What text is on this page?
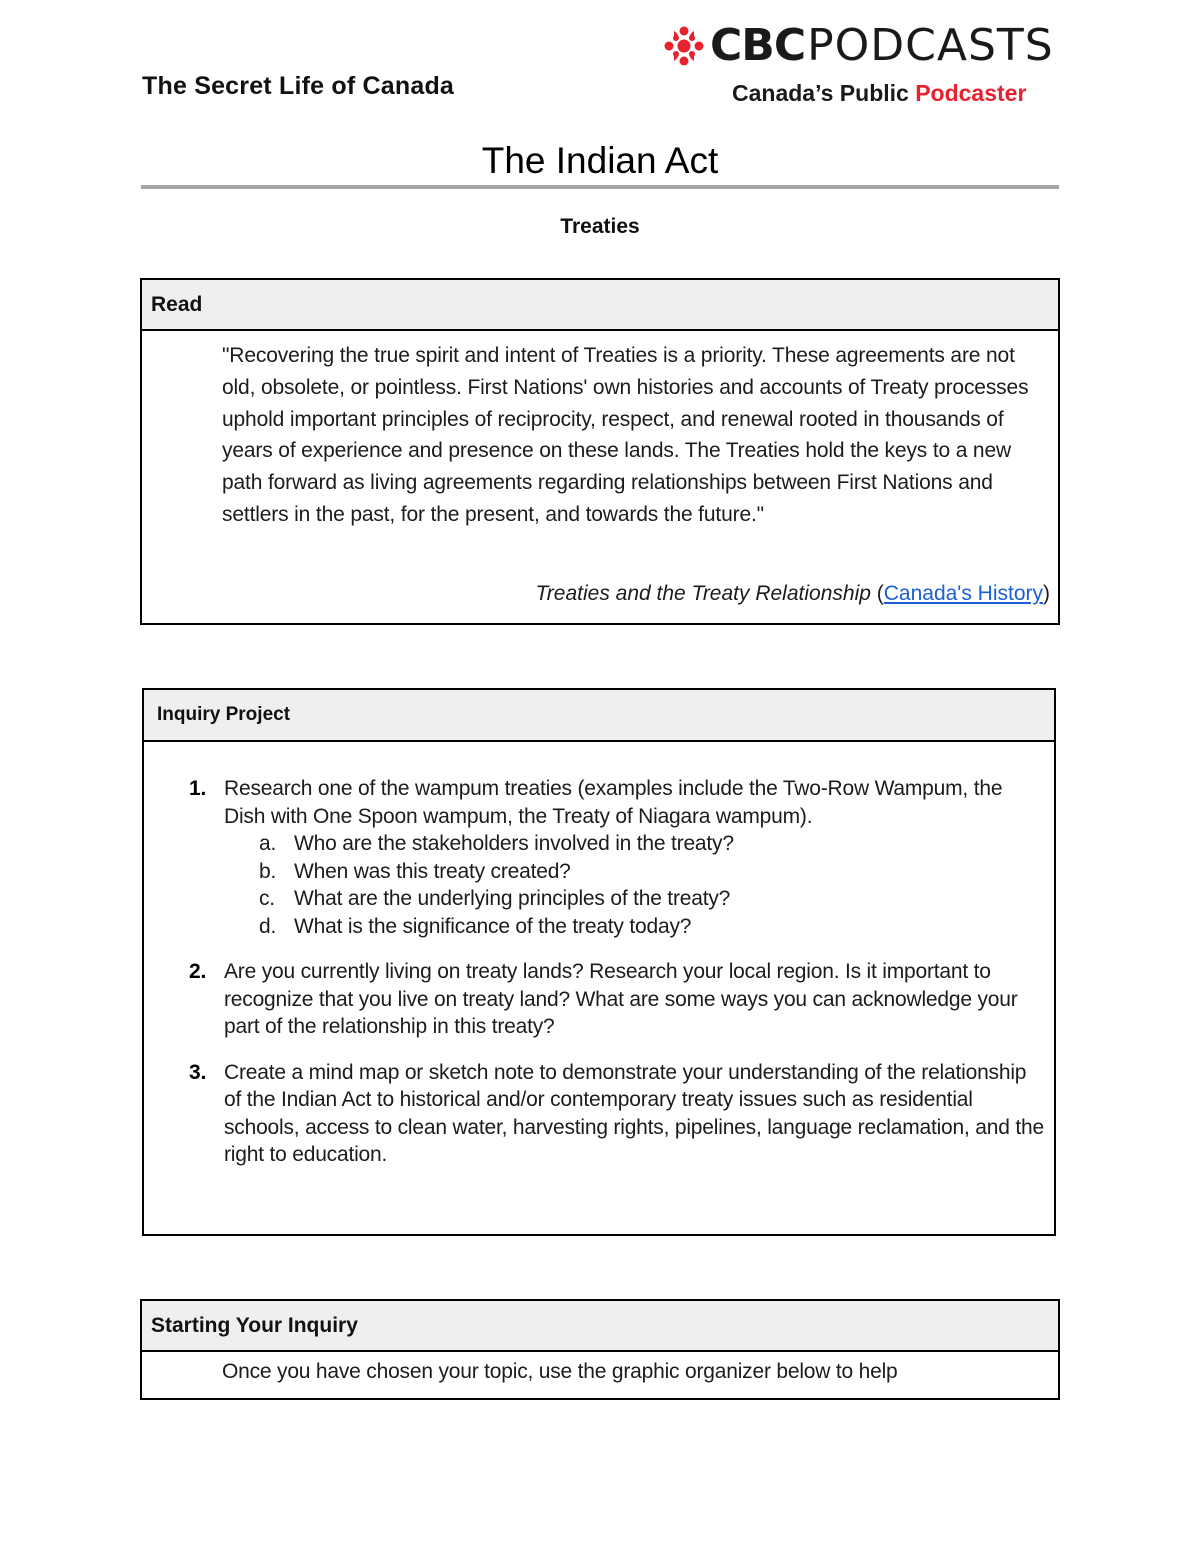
The Secret Life of Canada
CBC PODCASTS
Canada’s Public Podcaster
The Indian Act
Treaties
Read
"Recovering the true spirit and intent of Treaties is a priority. These agreements are not old, obsolete, or pointless. First Nations' own histories and accounts of Treaty processes uphold important principles of reciprocity, respect, and renewal rooted in thousands of years of experience and presence on these lands. The Treaties hold the keys to a new path forward as living agreements regarding relationships between First Nations and settlers in the past, for the present, and towards the future."
Treaties and the Treaty Relationship (Canada's History)
Inquiry Project
1. Research one of the wampum treaties (examples include the Two-Row Wampum, the Dish with One Spoon wampum, the Treaty of Niagara wampum).
a. Who are the stakeholders involved in the treaty?
b. When was this treaty created?
c. What are the underlying principles of the treaty?
d. What is the significance of the treaty today?
2. Are you currently living on treaty lands? Research your local region. Is it important to recognize that you live on treaty land? What are some ways you can acknowledge your part of the relationship in this treaty?
3. Create a mind map or sketch note to demonstrate your understanding of the relationship of the Indian Act to historical and/or contemporary treaty issues such as residential schools, access to clean water, harvesting rights, pipelines, language reclamation, and the right to education.
Starting Your Inquiry
Once you have chosen your topic, use the graphic organizer below to help
